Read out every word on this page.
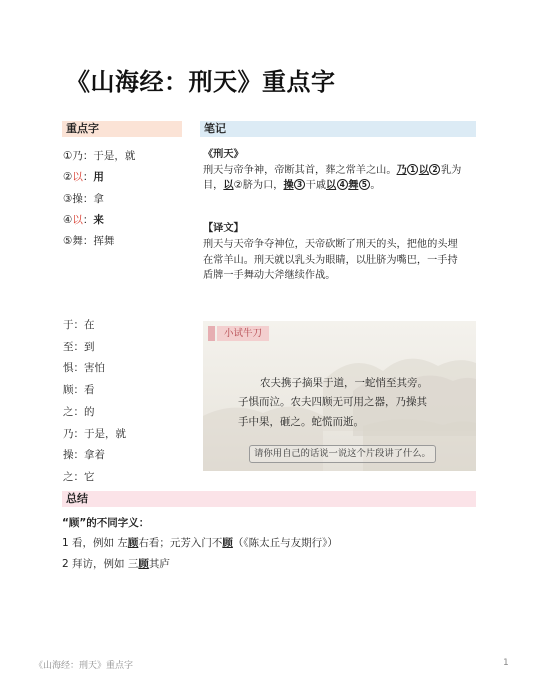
《山海经：刑天》重点字
重点字	笔记
①乃：于是，就
②以：用
③操：拿
④以：来
⑤舞：挥舞
于：在
至：到
惧：害怕
顾：看
之：的
乃：于是，就
操：拿着
之：它
《刑天》
刑天与帝争神，帝断其首，葬之常羊之山。乃 1 以 2 乳为
目，以②脐为口，操 3 干戚以 4 舞 5 。
【译文】
刑天与天帝争夺神位，天帝砍断了刑天的头，把他的头埋
在常羊山。刑天就以乳头为眼睛，以肚脐为嘴巴，一手持
盾牌一手舞动大斧继续作战。
小试牛刀
农夫携子摘果于道，一蛇悄至其旁。
子惧而泣。农夫四顾无可用之器，乃操其
手中果，砸之。蛇慌而逝。
请你用自己的话说一说这个片段讲了什么。
总结
“顾”的不同字义：
1 看，例如 左顾右看；元芳入门不顾（《陈太丘与友期行》）
2 拜访，例如 三顾其庐
《山海经：刑天》重点字	1
